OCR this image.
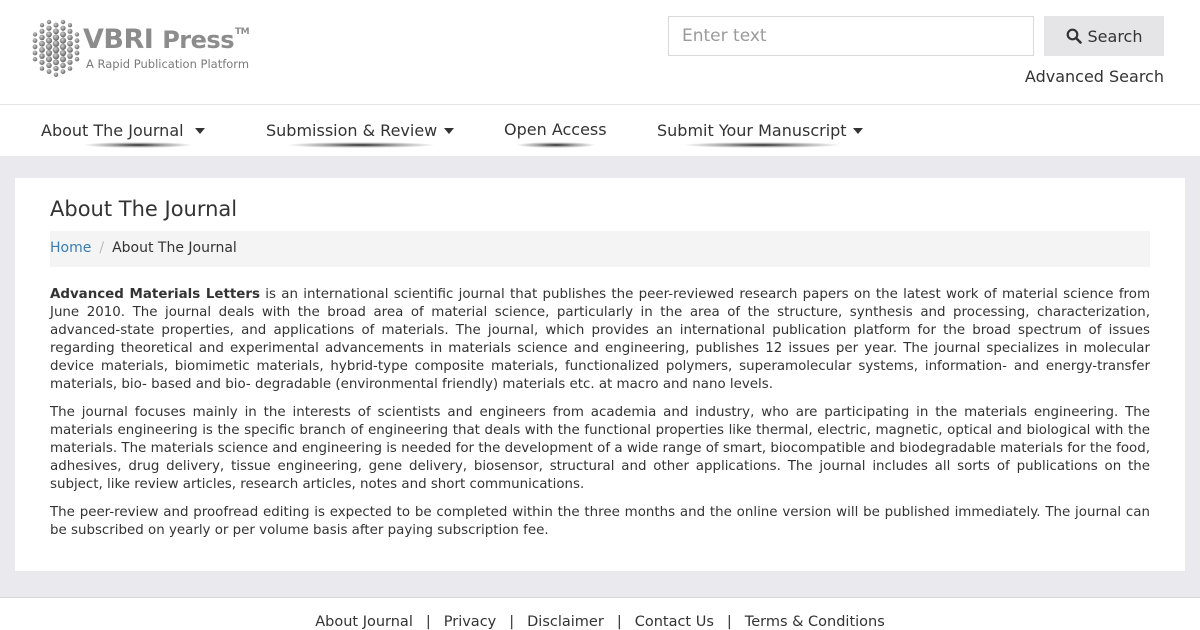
VBRI Press™
A Rapid Publication Platform
Enter text
Search
Advanced Search
About The Journal	Submission & Review	Open Access	Submit Your Manuscript
About The Journal
Home / About The Journal

Advanced Materials Letters is an international scientific journal that publishes the peer-reviewed research papers on the latest work of material science from June 2010. The journal deals with the broad area of material science, particularly in the area of the structure, synthesis and processing, characterization, advanced-state properties, and applications of materials. The journal, which provides an international publication platform for the broad spectrum of issues regarding theoretical and experimental advancements in materials science and engineering, publishes 12 issues per year. The journal specializes in molecular device materials, biomimetic materials, hybrid-type composite materials, functionalized polymers, superamolecular systems, information- and energy-transfer materials, bio- based and bio- degradable (environmental friendly) materials etc. at macro and nano levels.

The journal focuses mainly in the interests of scientists and engineers from academia and industry, who are participating in the materials engineering. The materials engineering is the specific branch of engineering that deals with the functional properties like thermal, electric, magnetic, optical and biological with the materials. The materials science and engineering is needed for the development of a wide range of smart, biocompatible and biodegradable materials for the food, adhesives, drug delivery, tissue engineering, gene delivery, biosensor, structural and other applications. The journal includes all sorts of publications on the subject, like review articles, research articles, notes and short communications.

The peer-review and proofread editing is expected to be completed within the three months and the online version will be published immediately. The journal can be subscribed on yearly or per volume basis after paying subscription fee.

About Journal | Privacy | Disclaimer | Contact Us | Terms & Conditions
